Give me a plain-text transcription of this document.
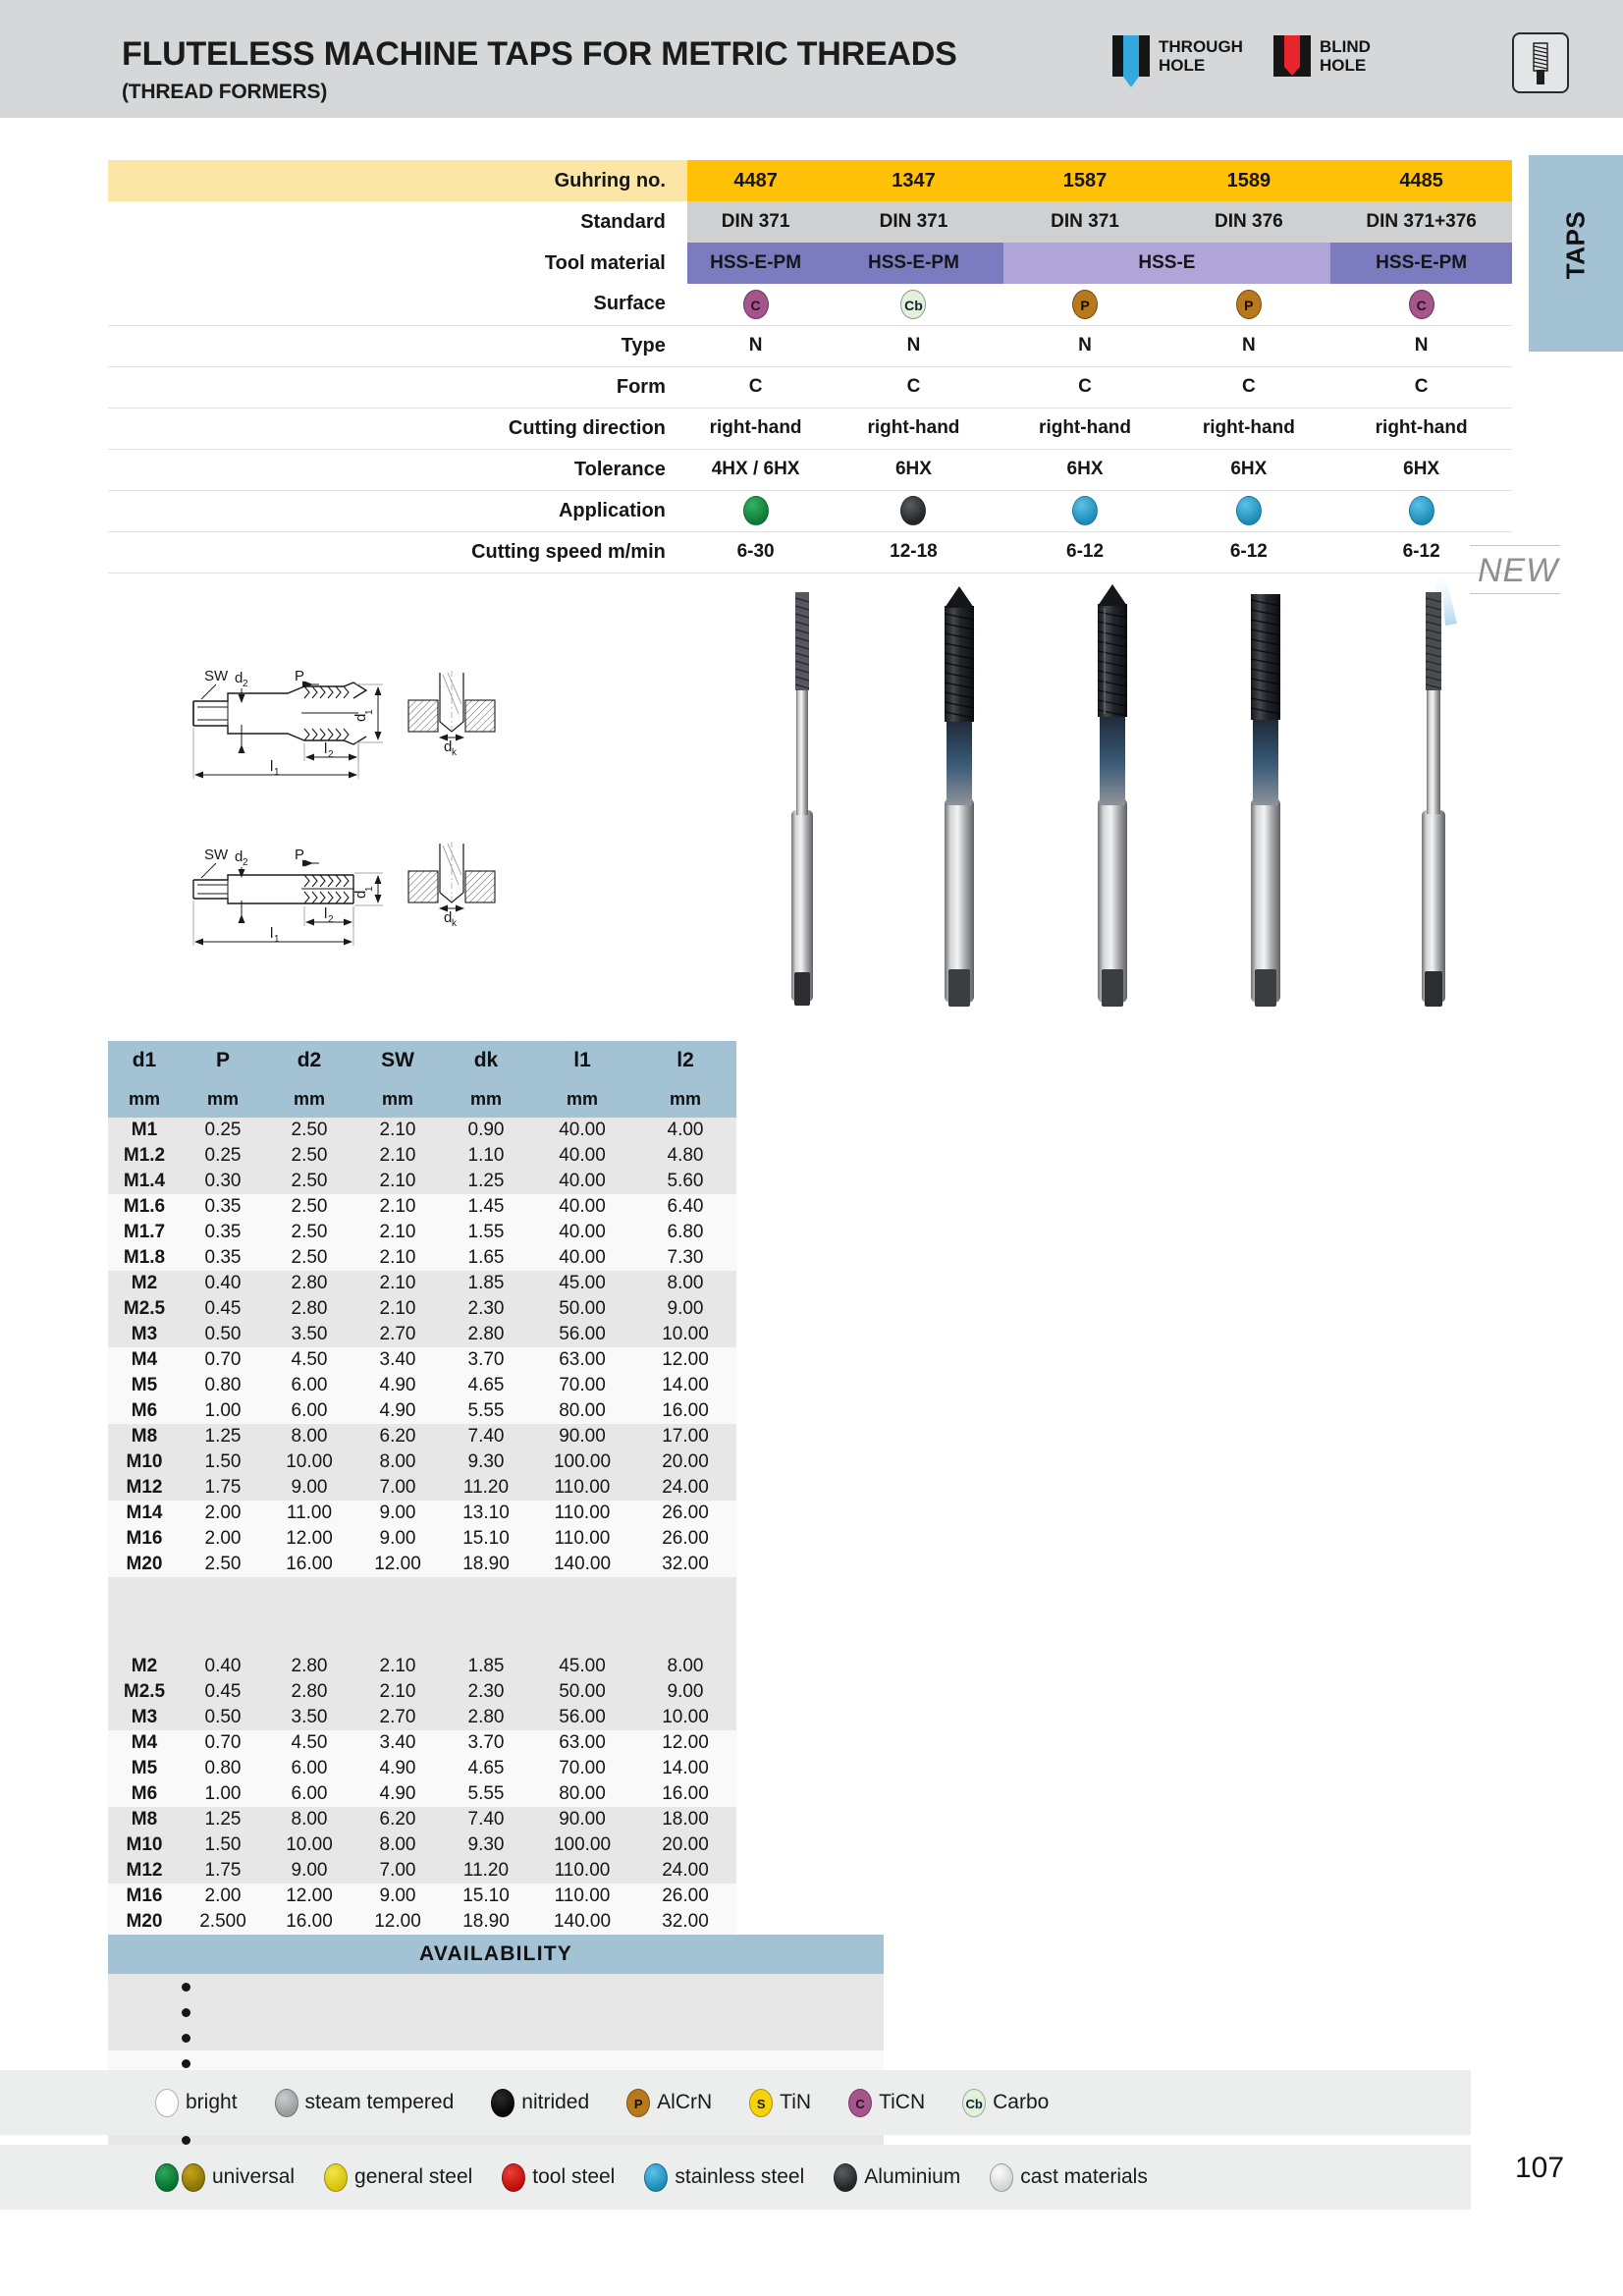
FLUTELESS MACHINE TAPS FOR METRIC THREADS
(THREAD FORMERS)
THROUGH
HOLE
BLIND
HOLE
TAPS
Guhring no.	4487	1347	1587	1589	4485
Standard	DIN 371	DIN 371	DIN 371	DIN 376	DIN 371+376
Tool material	HSS-E-PM	HSS-E-PM	HSS-E		HSS-E-PM
Surface	C	Cb	P	P	C
Type	N	N	N	N	N
Form	C	C	C	C	C
Cutting direction	right-hand	right-hand	right-hand	right-hand	right-hand
Tolerance	4HX / 6HX	6HX	6HX	6HX	6HX
Application					
Cutting speed m/min	6-30	12-18	6-12	6-12	6-12
SW d 2	P
d
1
l 2
l 1
d k
SW d 2	P
d
1
l 2
l 1
d k
NEW
d1	P	d2	SW	dk	l1	l2
mm	mm	mm	mm	mm	mm	mm
M1	0.25	2.50	2.10	0.90	40.00	4.00
M1.2	0.25	2.50	2.10	1.10	40.00	4.80
M1.4	0.30	2.50	2.10	1.25	40.00	5.60
M1.6	0.35	2.50	2.10	1.45	40.00	6.40
M1.7	0.35	2.50	2.10	1.55	40.00	6.80
M1.8	0.35	2.50	2.10	1.65	40.00	7.30
M2	0.40	2.80	2.10	1.85	45.00	8.00
M2.5	0.45	2.80	2.10	2.30	50.00	9.00
M3	0.50	3.50	2.70	2.80	56.00	10.00
M4	0.70	4.50	3.40	3.70	63.00	12.00
M5	0.80	6.00	4.90	4.65	70.00	14.00
M6	1.00	6.00	4.90	5.55	80.00	16.00
M8	1.25	8.00	6.20	7.40	90.00	17.00
M10	1.50	10.00	8.00	9.30	100.00	20.00
M12	1.75	9.00	7.00	11.20	110.00	24.00
M14	2.00	11.00	9.00	13.10	110.00	26.00
M16	2.00	12.00	9.00	15.10	110.00	26.00
M20	2.50	16.00	12.00	18.90	140.00	32.00

M2	0.40	2.80	2.10	1.85	45.00	8.00
M2.5	0.45	2.80	2.10	2.30	50.00	9.00
M3	0.50	3.50	2.70	2.80	56.00	10.00
M4	0.70	4.50	3.40	3.70	63.00	12.00
M5	0.80	6.00	4.90	4.65	70.00	14.00
M6	1.00	6.00	4.90	5.55	80.00	16.00
M8	1.25	8.00	6.20	7.40	90.00	18.00
M10	1.50	10.00	8.00	9.30	100.00	20.00
M12	1.75	9.00	7.00	11.20	110.00	24.00
M16	2.00	12.00	9.00	15.10	110.00	26.00
M20	2.500	16.00	12.00	18.90	140.00	32.00
AVAILABILITY				

bright	steam tempered	nitrided	P AlCrN	S TiN	C TiCN	Cb Carbo
universal	general steel	tool steel	stainless steel	Aluminium	cast materials	107
